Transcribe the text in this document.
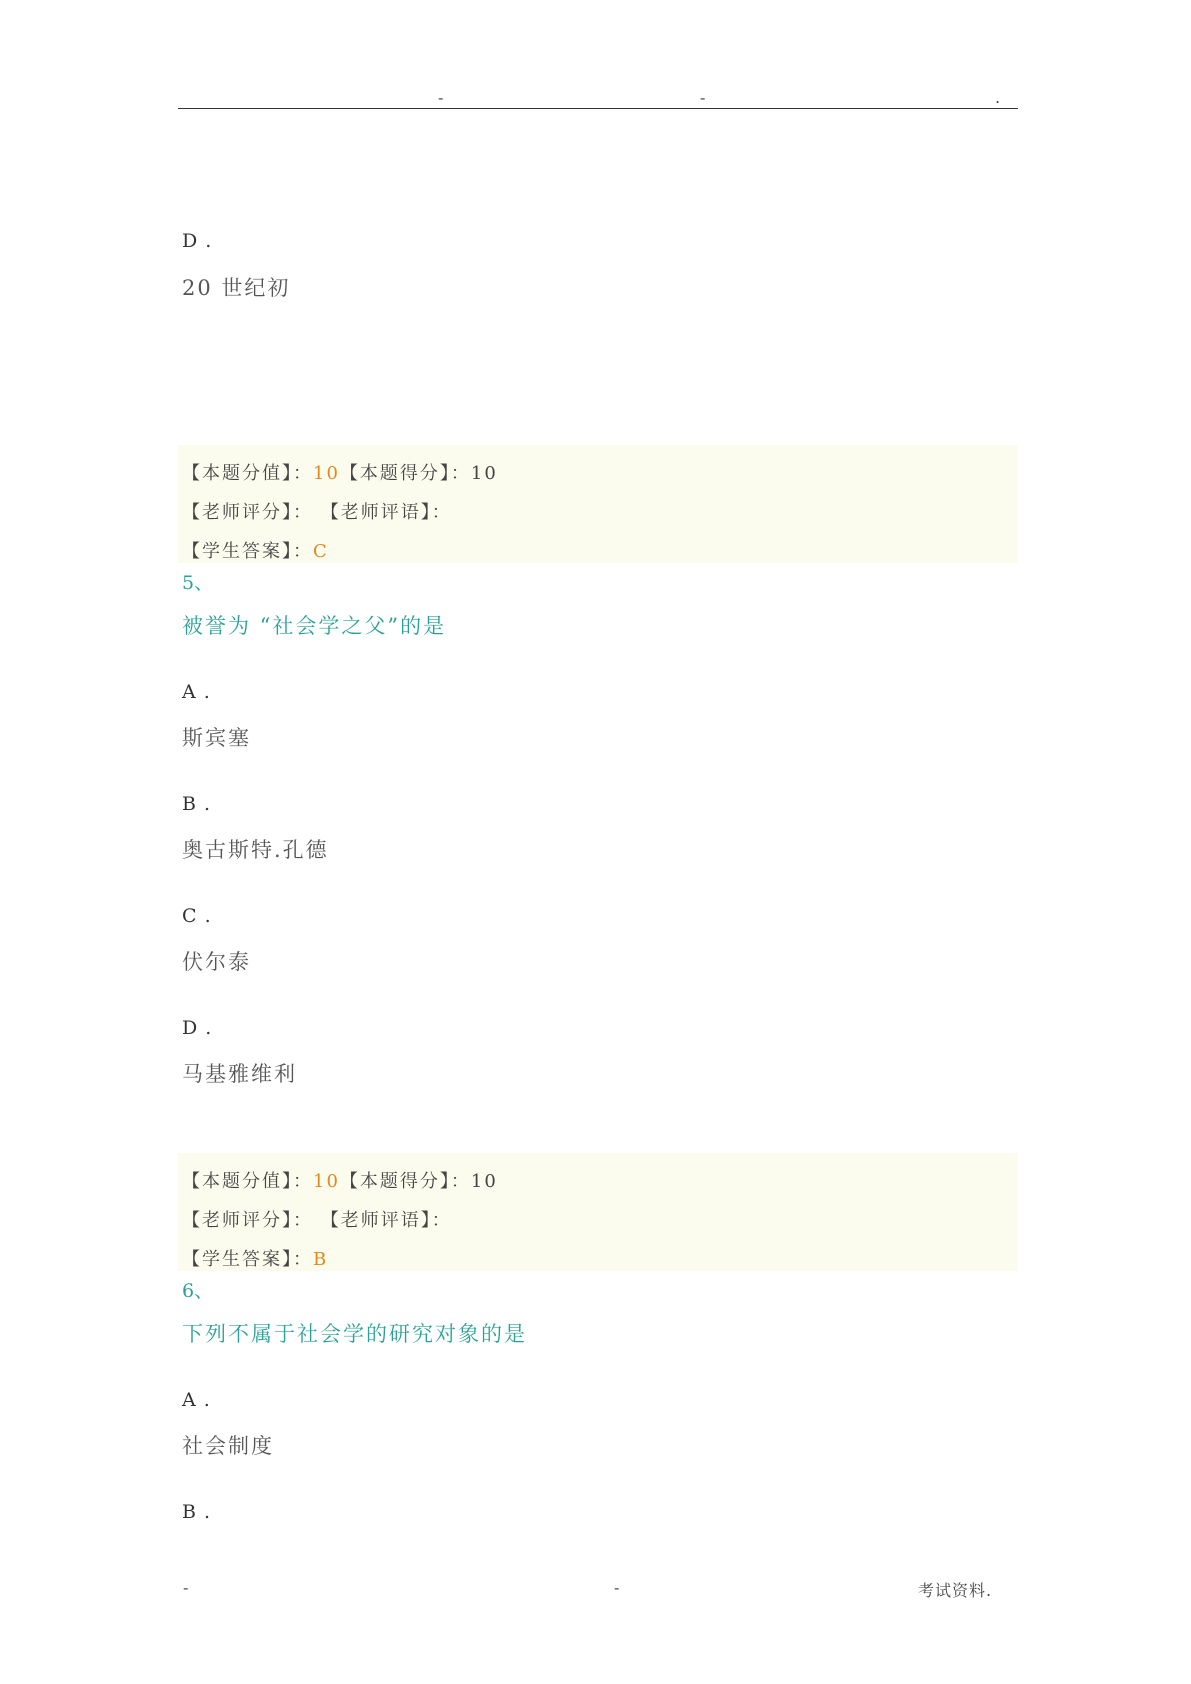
-	-	.
D .
20 世纪初
【本题分值】：10【本题得分】：10
【老师评分】： 【老师评语】：
【学生答案】：C
5、
被誉为 “社会学之父”的是
A .
斯宾塞
B .
奥古斯特.孔德
C .
伏尔泰
D .
马基雅维利
【本题分值】：10【本题得分】：10
【老师评分】： 【老师评语】：
【学生答案】：B
6、
下列不属于社会学的研究对象的是
A .
社会制度
B .
-	-	考试资料.
